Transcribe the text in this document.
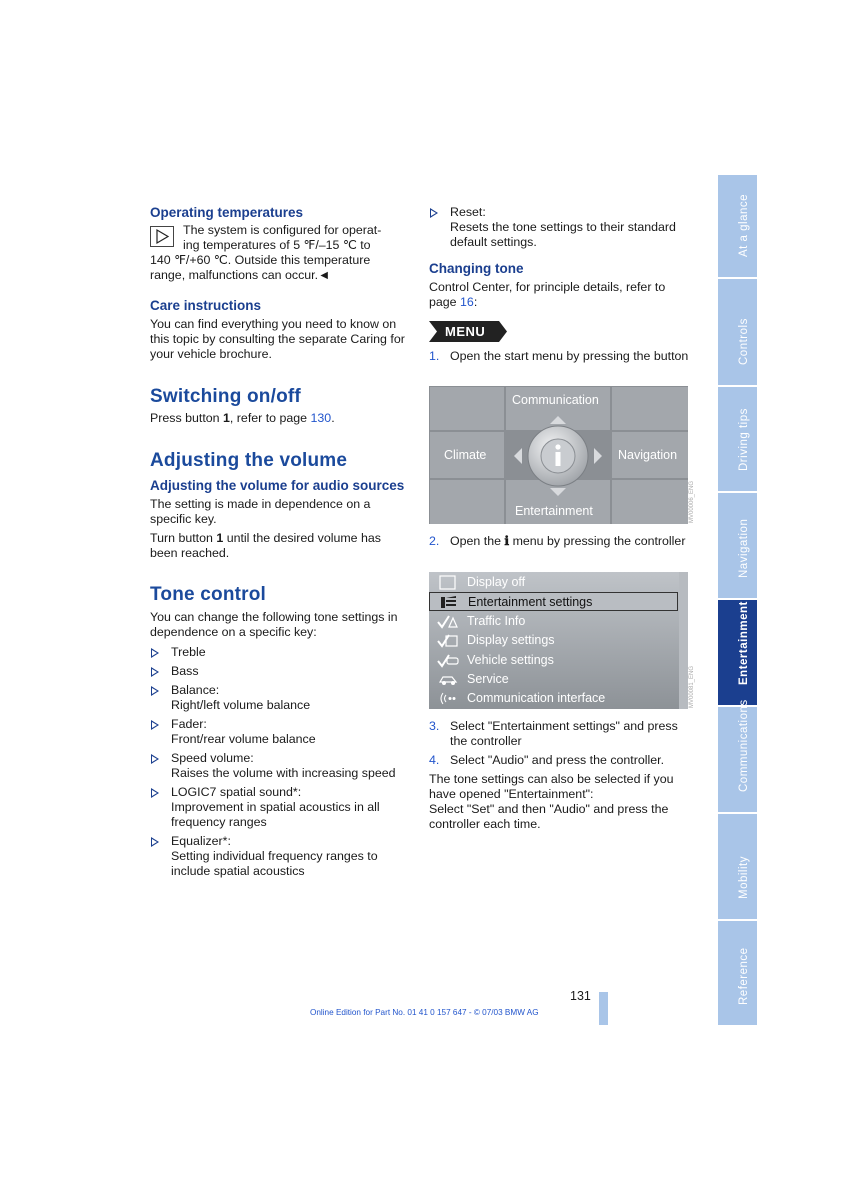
Operating temperatures

The system is configured for operat-

ing temperatures of 5 ℉/–15 ℃ to

140 ℉/+60 ℃. Outside this temperature

range, malfunctions can occur.◄

Care instructions

You can find everything you need to know on this topic by consulting the separate Caring for your vehicle brochure.

Switching on/off

Press button 1, refer to page 130.

Adjusting the volume
Adjusting the volume for audio sources

The setting is made in dependence on a specific key.

Turn button 1 until the desired volume has been reached.

Tone control

You can change the following tone settings in dependence on a specific key:

Treble
Bass
Balance:
Right/left volume balance
Fader:
Front/rear volume balance
Speed volume:
Raises the volume with increasing speed
LOGIC7 spatial sound*:
Improvement in spatial acoustics in all frequency ranges
Equalizer*:
Setting individual frequency ranges to include spatial acoustics
Reset:
Resets the tone settings to their standard default settings.
Changing tone

Control Center, for principle details, refer to page 16:

MENU
1. Open the start menu by pressing the button
Communication
Climate	Navigation
Entertainment	MV00006_ENG
2. Open the ℹ menu by pressing the controller
Display off
Entertainment settings
Traffic Info
Display settings
Vehicle settings
Service
Communication interface	MV00081_ENG
3. Select "Entertainment settings" and press the controller
4. Select "Audio" and press the controller.

The tone settings can also be selected if you have opened "Entertainment":

Select "Set" and then "Audio" and press the controller each time.

At a glance
Controls
Driving tips
Navigation
Entertainment
Communications
Mobility
Reference
131
Online Edition for Part No. 01 41 0 157 647 - © 07/03 BMW AG
